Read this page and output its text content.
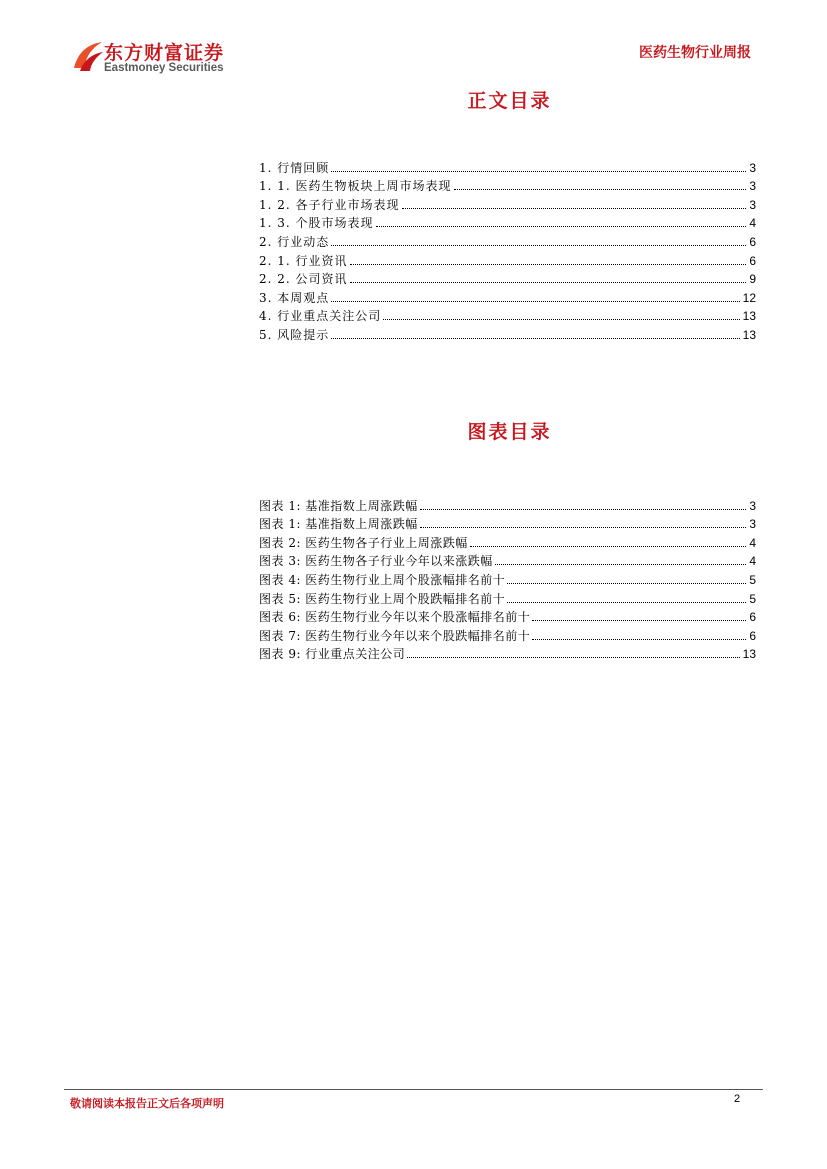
东方财富证券
Eastmoney Securities
医药生物行业周报
正文目录
1. 行情回顾	3
1. 1. 医药生物板块上周市场表现	3
1. 2. 各子行业市场表现	3
1. 3. 个股市场表现	4
2. 行业动态	6
2. 1. 行业资讯	6
2. 2. 公司资讯	9
3. 本周观点	12
4. 行业重点关注公司	13
5. 风险提示	13
图表目录
图表 1: 基准指数上周涨跌幅	3
图表 1: 基准指数上周涨跌幅	3
图表 2: 医药生物各子行业上周涨跌幅	4
图表 3: 医药生物各子行业今年以来涨跌幅	4
图表 4: 医药生物行业上周个股涨幅排名前十	5
图表 5: 医药生物行业上周个股跌幅排名前十	5
图表 6: 医药生物行业今年以来个股涨幅排名前十	6
图表 7: 医药生物行业今年以来个股跌幅排名前十	6
图表 9: 行业重点关注公司	13
敬请阅读本报告正文后各项声明	2
